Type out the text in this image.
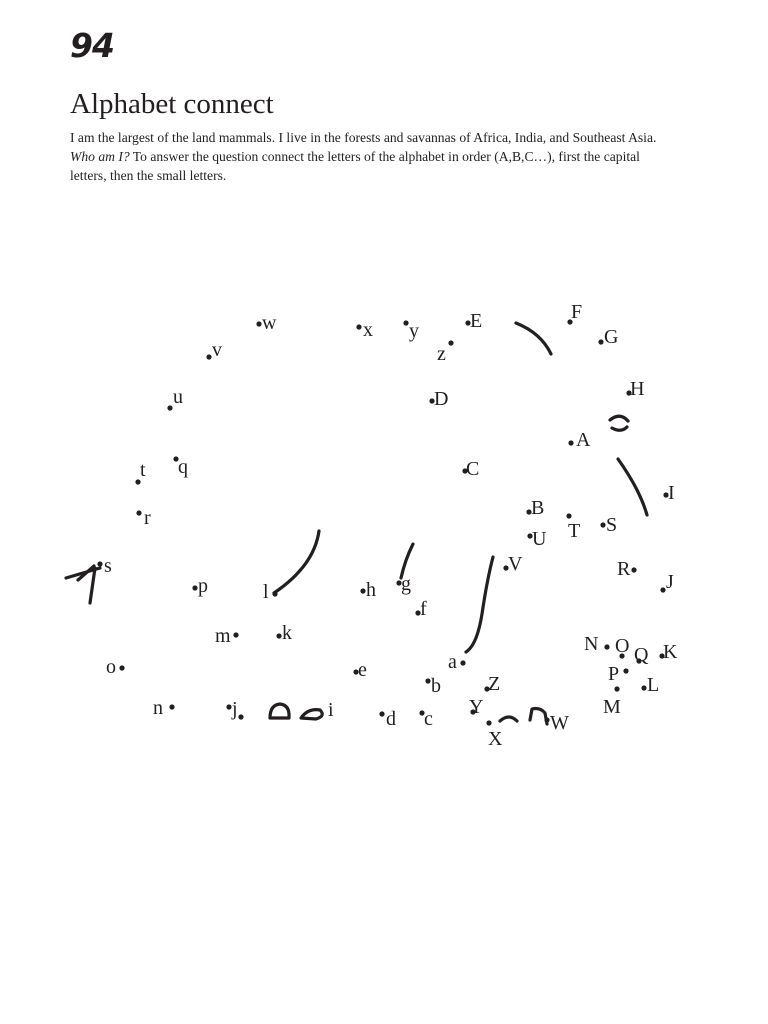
94
Alphabet connect

I am the largest of the land mammals. I live in the forests and savannas of Africa, India, and Southeast Asia. Who am I? To answer the question connect the letters of the alphabet in order (A,B,C…), first the capital letters, then the small letters.

A
B
C
D
E	F
G
H
I
J
K
L
M
N O
P
Q
R
S
T
U
V
W
X
Y
Z
a
b
c
d
e
f
g
h
i
j
k
l
m
n
o
p
q
r
s
t
u
v
w	x y
z
